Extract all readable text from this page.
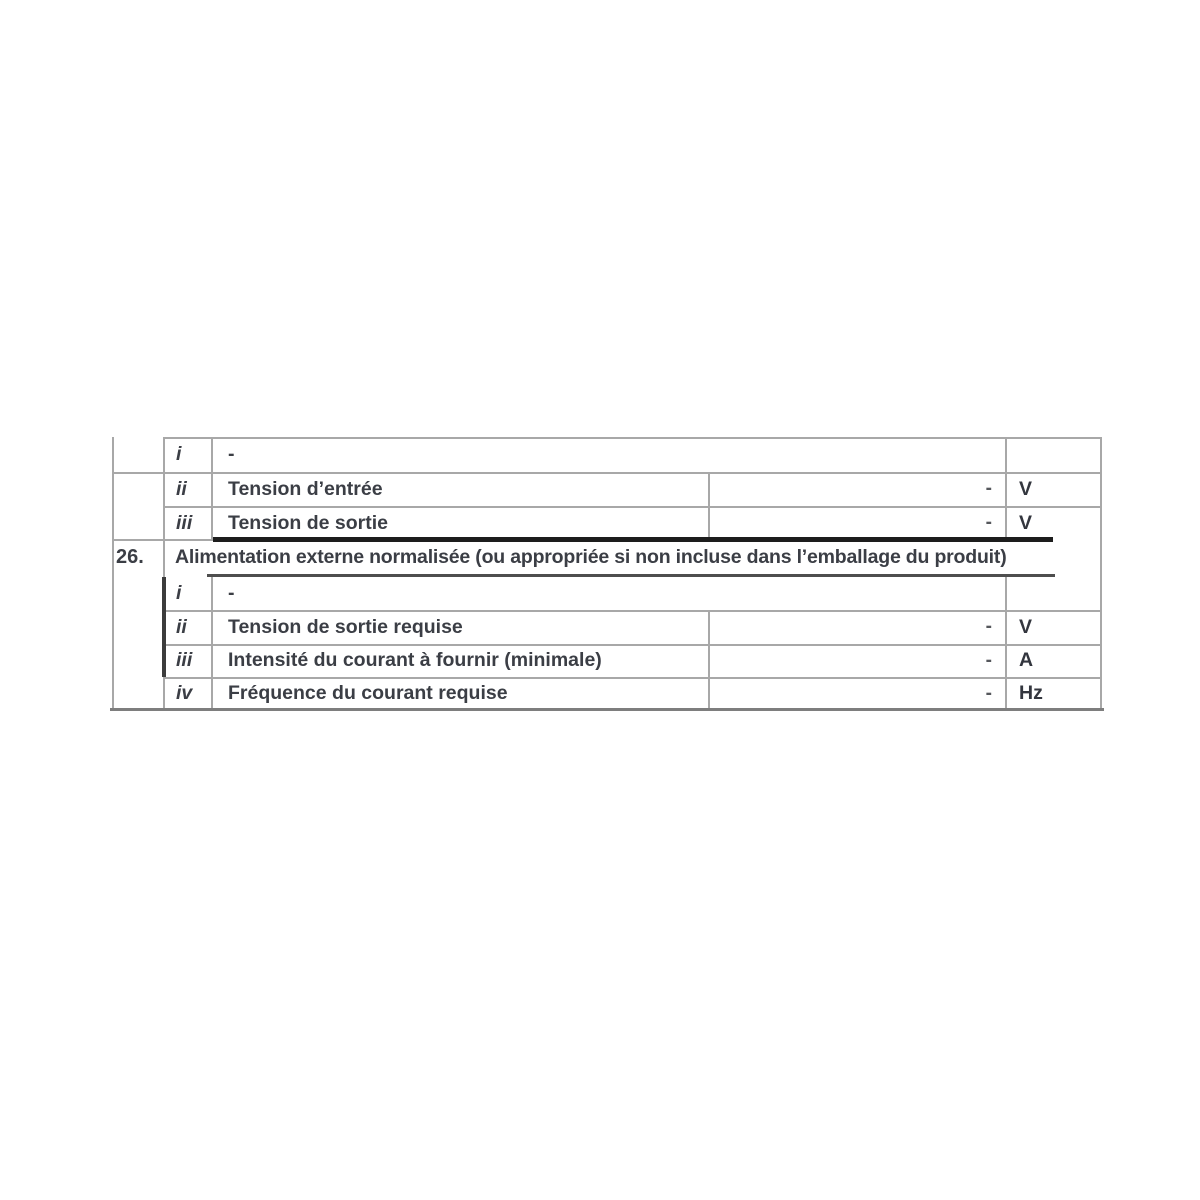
i	-
ii	Tension d’entrée	- V
iii	Tension de sortie	- V
26.	Alimentation externe normalisée (ou appropriée si non incluse dans l’emballage du produit)
i	-
ii	Tension de sortie requise	- V
iii	Intensité du courant à fournir (minimale)	- A
iv	Fréquence du courant requise	- Hz
